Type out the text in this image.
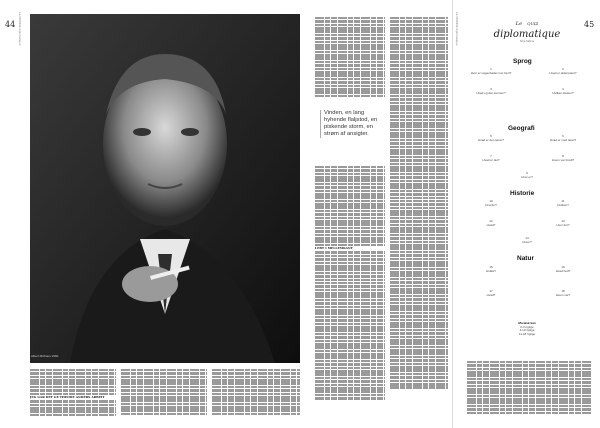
44 LE MONDE diplomatique
Albert Michaux 1960
Vinden, en lang hyhende flaljstod, en piskende storm, en strøm af ansigter.
LEBT I MELLEMKANT
JEG GAR DET GE THEODE ANDERS ARBEIT
45
LE MONDE diplomatique	Le QUIZ
diplomatique
Nina Sabina
Sprog
Geografi
Historie
Natur
1
Hvor er nøgenbadet mor fært?
2
Hvad er aldenpænt?
3
Hvad og den kunnen?
4
Hvilken kloster?
5
Hvad er den lærer?
6
Hvad er med tavet?
7
Hvad er det?
8
Hvem var brudt?
9
Hvor er?
10
Hvorfor?
11
Hvilken?
12
Hvad?
13
Hvor fort?
14
Hvem?
15
Hvilke?
16
Hvad hed?
17
Hvad?
18
Hvem var?
Moralsk kan
0-3 rigtige
4-10 rigtige
11-18 rigtige
